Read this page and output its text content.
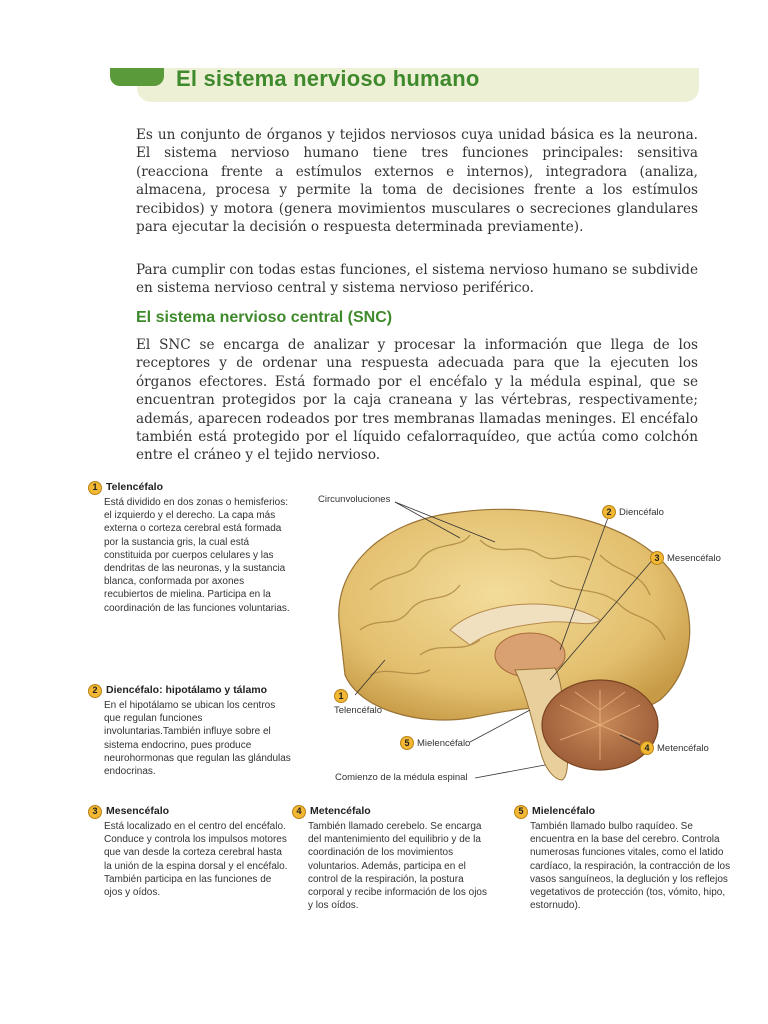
El sistema nervioso humano

Es un conjunto de órganos y tejidos nerviosos cuya unidad básica es la neurona. El sistema nervioso humano tiene tres funciones principales: sensitiva (reacciona frente a estímulos externos e internos), integradora (analiza, almacena, procesa y permite la toma de decisiones frente a los estímulos recibidos) y motora (genera movimientos musculares o secreciones glandulares para ejecutar la decisión o respuesta determinada previamente).

Para cumplir con todas estas funciones, el sistema nervioso humano se subdivide en sistema nervioso central y sistema nervioso periférico.

El sistema nervioso central (SNC)

El SNC se encarga de analizar y procesar la información que llega de los receptores y de ordenar una respuesta adecuada para que la ejecuten los órganos efectores. Está formado por el encéfalo y la médula espinal, que se encuentran protegidos por la caja craneana y las vértebras, respectivamente; además, aparecen rodeados por tres membranas llamadas meninges. El encéfalo también está protegido por el líquido cefalorraquídeo, que actúa como colchón entre el cráneo y el tejido nervioso.

1 Telencéfalo
Está dividido en dos zonas o hemisferios: el izquierdo y el derecho. La capa más externa o corteza cerebral está formada por la sustancia gris, la cual está constituida por cuerpos celulares y las dendritas de las neuronas, y la sustancia blanca, conformada por axones recubiertos de mielina. Participa en la coordinación de las funciones voluntarias.
2 Diencéfalo: hipotálamo y tálamo
En el hipotálamo se ubican los centros que regulan funciones involuntarias.También influye sobre el sistema endocrino, pues produce neurohormonas que regulan las glándulas endocrinas.
3 Mesencéfalo
Está localizado en el centro del encéfalo. Conduce y controla los impulsos motores que van desde la corteza cerebral hasta la unión de la espina dorsal y el encéfalo. También participa en las funciones de ojos y oídos.
4 Metencéfalo
También llamado cerebelo. Se encarga del mantenimiento del equilibrio y de la coordinación de los movimientos voluntarios. Además, participa en el control de la respiración, la postura corporal y recibe información de los ojos y los oídos.
5 Mielencéfalo
También llamado bulbo raquídeo. Se encuentra en la base del cerebro. Controla numerosas funciones vitales, como el latido cardíaco, la respiración, la contracción de los vasos sanguíneos, la deglución y los reflejos vegetativos de protección (tos, vómito, hipo, estornudo).
Circunvoluciones
2 Diencéfalo
3 Mesencéfalo
1
Telencéfalo
5 Mielencéfalo	4 Metencéfalo
Comienzo de la médula espinal
